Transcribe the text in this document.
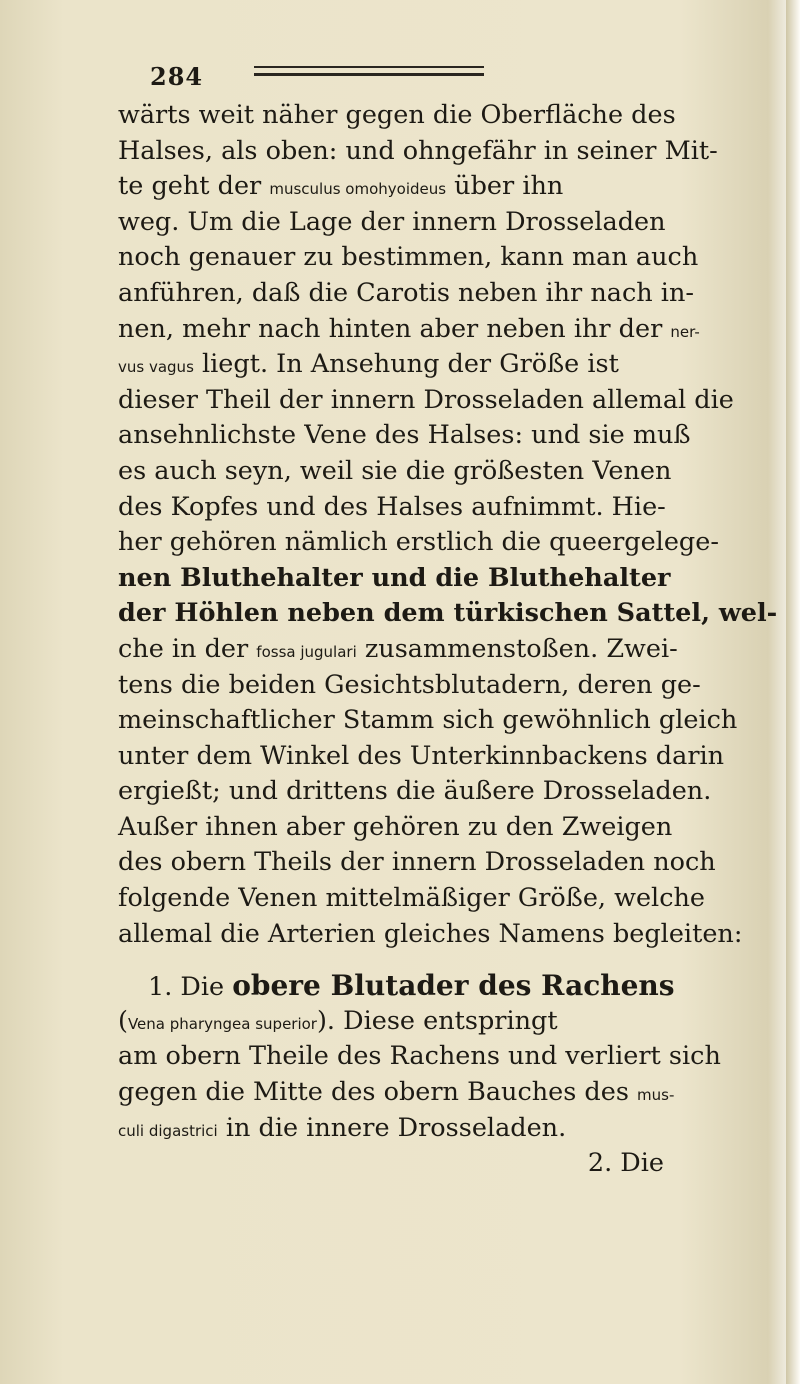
284
wärts weit näher gegen die Oberfläche des
Halses, als oben: und ohngefähr in seiner Mit-
te geht der musculus omohyoideus über ihn
weg. Um die Lage der innern Drosseladen
noch genauer zu bestimmen, kann man auch
anführen, daß die Carotis neben ihr nach in-
nen, mehr nach hinten aber neben ihr der ner-
vus vagus liegt. In Ansehung der Größe ist
dieser Theil der innern Drosseladen allemal die
ansehnlichste Vene des Halses: und sie muß
es auch seyn, weil sie die größesten Venen
des Kopfes und des Halses aufnimmt. Hie-
her gehören nämlich erstlich die queergelege-
nen Bluthehalter und die Bluthehalter
der Höhlen neben dem türkischen Sattel, wel-
che in der fossa jugulari zusammenstoßen. Zwei-
tens die beiden Gesichtsblutadern, deren ge-
meinschaftlicher Stamm sich gewöhnlich gleich
unter dem Winkel des Unterkinnbackens darin
ergießt; und drittens die äußere Drosseladen.
Außer ihnen aber gehören zu den Zweigen
des obern Theils der innern Drosseladen noch
folgende Venen mittelmäßiger Größe, welche
allemal die Arterien gleiches Namens begleiten:
1. Die obere Blutader des Rachens
(Vena pharyngea superior). Diese entspringt
am obern Theile des Rachens und verliert sich
gegen die Mitte des obern Bauches des mus-
culi digastrici in die innere Drosseladen.
2. Die
